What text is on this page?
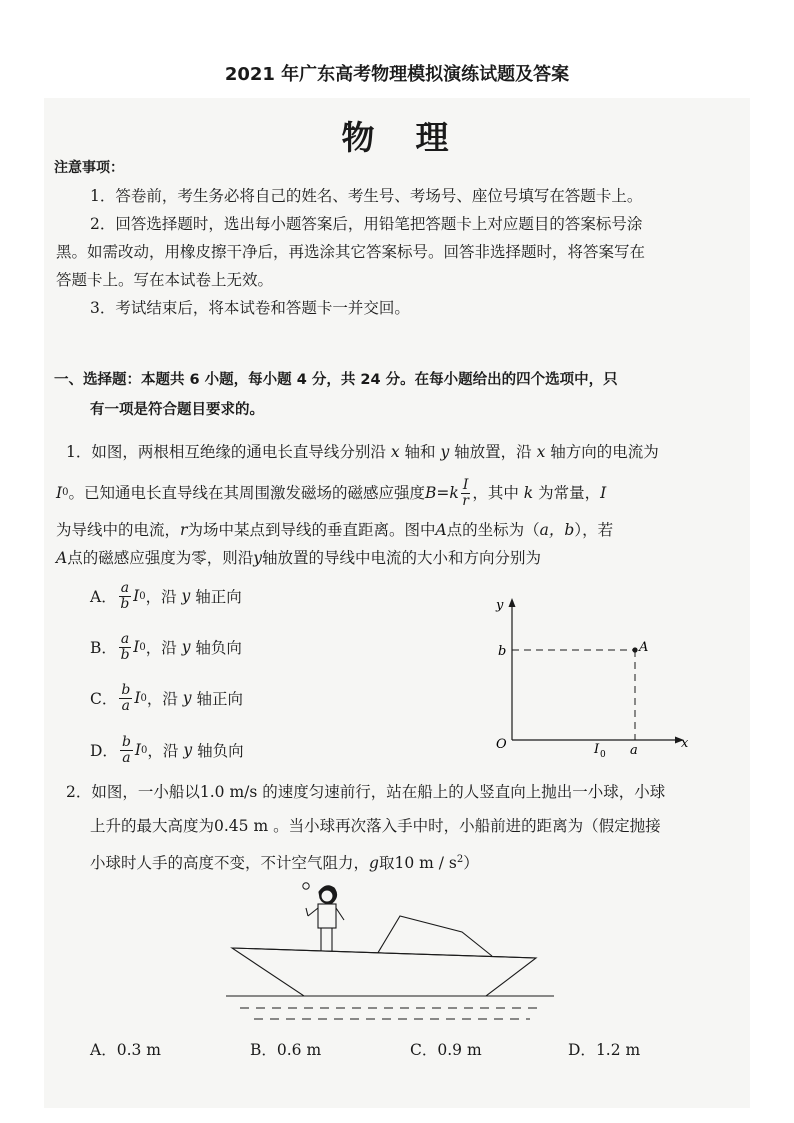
2021 年广东高考物理模拟演练试题及答案
物　理
注意事项：
1．答卷前，考生务必将自己的姓名、考生号、考场号、座位号填写在答题卡上。
2．回答选择题时，选出每小题答案后，用铅笔把答题卡上对应题目的答案标号涂
黑。如需改动，用橡皮擦干净后，再选涂其它答案标号。回答非选择题时，将答案写在
答题卡上。写在本试卷上无效。
3．考试结束后，将本试卷和答题卡一并交回。
一、选择题：本题共 6 小题，每小题 4 分，共 24 分。在每小题给出的四个选项中，只
有一项是符合题目要求的。
1．如图，两根相互绝缘的通电长直导线分别沿 x 轴和 y 轴放置，沿 x 轴方向的电流为
I 0 。已知通电长直导线在其周围激发磁场的磁感应强度 B = k $\frac{I}{r}$ ，其中
k
为常量， I
为导线中的电流，r为场中某点到导线的垂直距离。图中A点的坐标为（a，b），若
A点的磁感应强度为零，则沿y轴放置的导线中电流的大小和方向分别为
A． $\frac{a}{b}$ I 0 ，沿
y
轴正向
B． $\frac{a}{b}$ I 0 ，沿
y
轴负向
C． $\frac{b}{a}$ I 0 ，沿
y
轴正向
D． $\frac{b}{a}$ I 0 ，沿
y
轴负向
y
x
O
b	A
a
I 0
2．如图，一小船以1.0 m/s 的速度匀速前行，站在船上的人竖直向上抛出一小球，小球
上升的最大高度为0.45 m 。当小球再次落入手中时，小船前进的距离为（假定抛接
小球时人手的高度不变，不计空气阻力，g取10 m / $s^2$）
A．0.3 m	B．0.6 m	C．0.9 m	D．1.2 m
